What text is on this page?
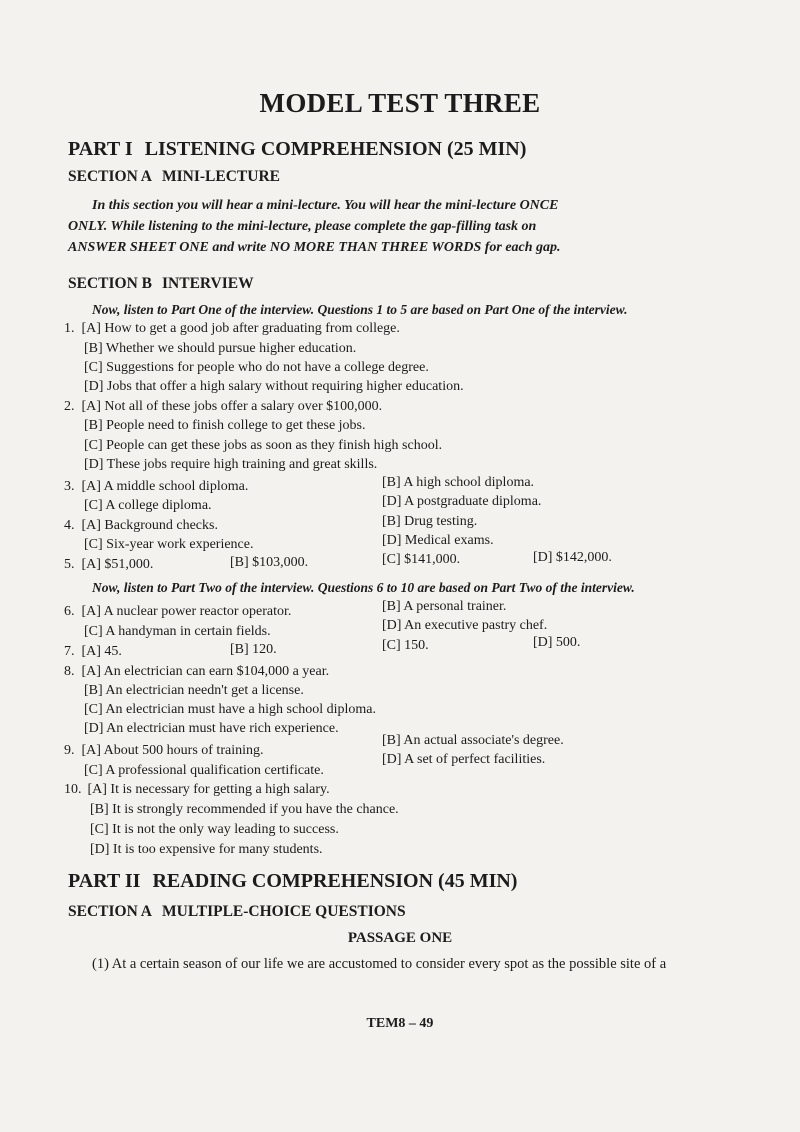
MODEL TEST THREE
PART I LISTENING COMPREHENSION (25 MIN)
SECTION A MINI-LECTURE
In this section you will hear a mini-lecture. You will hear the mini-lecture ONCE
ONLY. While listening to the mini-lecture, please complete the gap-filling task on
ANSWER SHEET ONE and write NO MORE THAN THREE WORDS for each gap.
SECTION B INTERVIEW
Now, listen to Part One of the interview. Questions 1 to 5 are based on Part One of the interview.
1. [A] How to get a good job after graduating from college.
[B] Whether we should pursue higher education.
[C] Suggestions for people who do not have a college degree.
[D] Jobs that offer a high salary without requiring higher education.
2. [A] Not all of these jobs offer a salary over $100,000.
[B] People need to finish college to get these jobs.
[C] People can get these jobs as soon as they finish high school.
[D] These jobs require high training and great skills.
3. [A] A middle school diploma.	[B] A high school diploma.
[C] A college diploma.	[D] A postgraduate diploma.
4. [A] Background checks.	[B] Drug testing.
[C] Six-year work experience.	[D] Medical exams.
5. [A] $51,000.	[B] $103,000.	[C] $141,000.	[D] $142,000.
Now, listen to Part Two of the interview. Questions 6 to 10 are based on Part Two of the interview.
6. [A] A nuclear power reactor operator.	[B] A personal trainer.
[C] A handyman in certain fields.	[D] An executive pastry chef.
7. [A] 45.	[B] 120.	[C] 150.	[D] 500.
8. [A] An electrician can earn $104,000 a year.
[B] An electrician needn't get a license.
[C] An electrician must have a high school diploma.
[D] An electrician must have rich experience.
9. [A] About 500 hours of training.
[B] An actual associate's degree.
[C] A professional qualification certificate.
[D] A set of perfect facilities.
10. [A] It is necessary for getting a high salary.
[B] It is strongly recommended if you have the chance.
[C] It is not the only way leading to success.
[D] It is too expensive for many students.
PART II READING COMPREHENSION (45 MIN)
SECTION A MULTIPLE-CHOICE QUESTIONS
PASSAGE ONE
(1) At a certain season of our life we are accustomed to consider every spot as the possible site of a
TEM8 – 49
